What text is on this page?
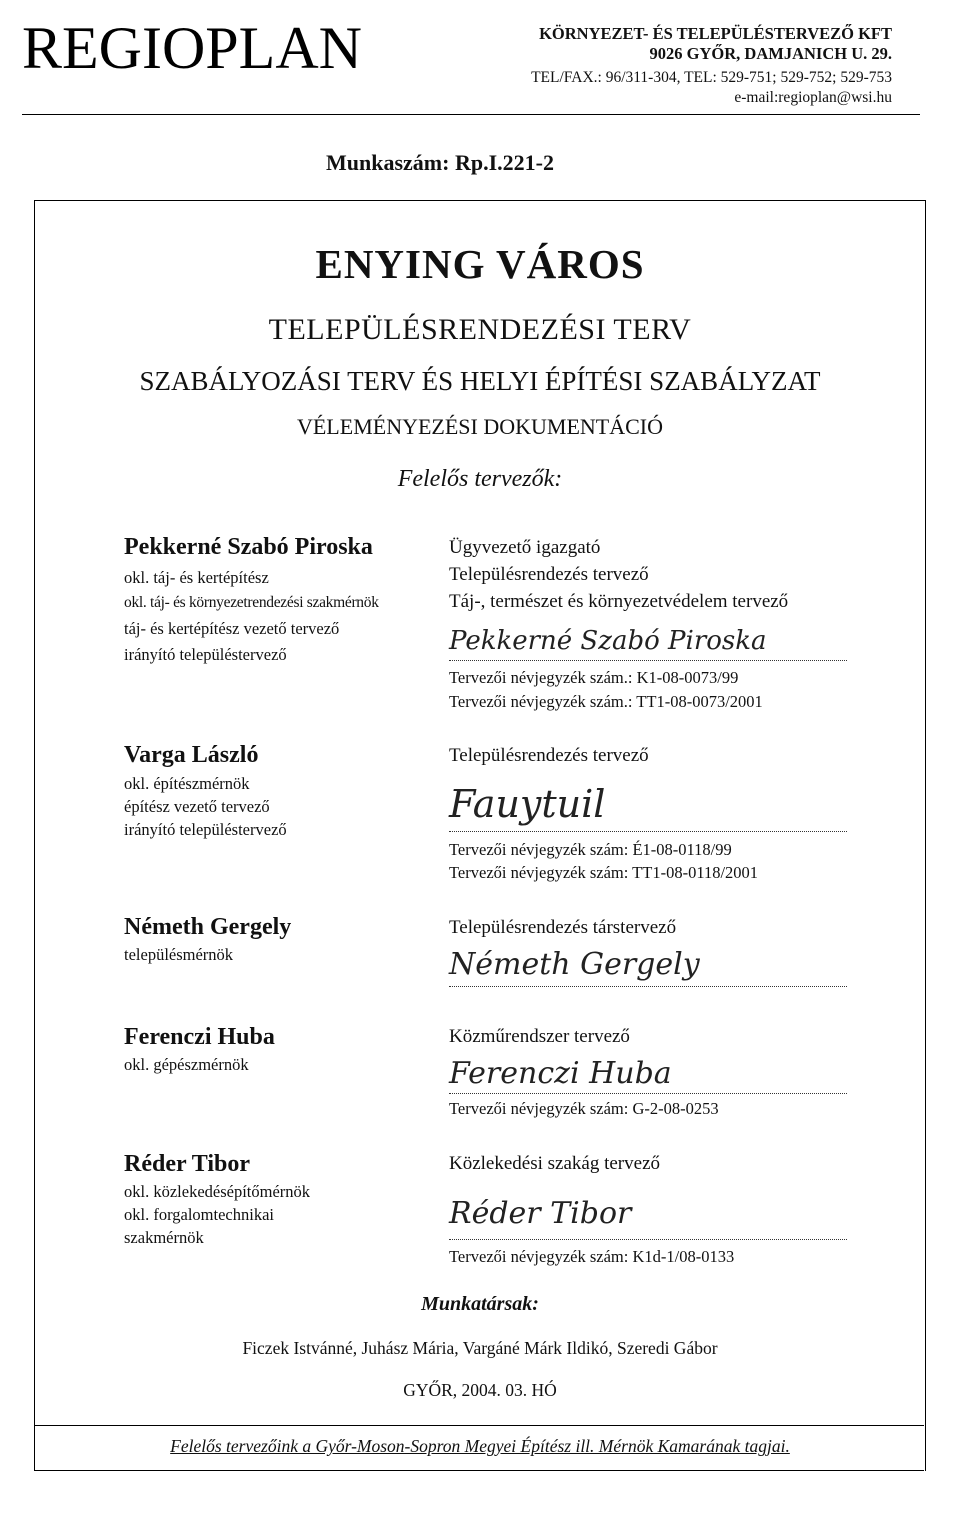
REGIOPLAN	KÖRNYEZET- ÉS TELEPÜLÉSTERVEZŐ KFT
9026 GYŐR, DAMJANICH U. 29.
TEL/FAX.: 96/311-304, TEL: 529-751; 529-752; 529-753
e-mail:regioplan@wsi.hu
Munkaszám: Rp.I.221-2
ENYING VÁROS
TELEPÜLÉSRENDEZÉSI TERV
SZABÁLYOZÁSI TERV ÉS HELYI ÉPÍTÉSI SZABÁLYZAT
VÉLEMÉNYEZÉSI DOKUMENTÁCIÓ
Felelős tervezők:
Pekkerné Szabó Piroska
okl. táj- és kertépítész
okl. táj- és környezetrendezési szakmérnök
táj- és kertépítész vezető tervező
irányító településtervező
Ügyvezető igazgató
Településrendezés tervező
Táj-, természet és környezetvédelem tervező
Pekkerné Szabó Piroska
Tervezői névjegyzék szám.: K1-08-0073/99
Tervezői névjegyzék szám.: TT1-08-0073/2001
Varga László
okl. építészmérnök
építész vezető tervező
irányító településtervező
Településrendezés tervező
Fauytuil
Tervezői névjegyzék szám: É1-08-0118/99
Tervezői névjegyzék szám: TT1-08-0118/2001
Németh Gergely
településmérnök
Településrendezés társtervező
Németh Gergely
Ferenczi Huba
okl. gépészmérnök
Közműrendszer tervező
Ferenczi Huba
Tervezői névjegyzék szám: G-2-08-0253
Réder Tibor
okl. közlekedésépítőmérnök
okl. forgalomtechnikai
szakmérnök
Közlekedési szakág tervező
Réder Tibor
Tervezői névjegyzék szám: K1d-1/08-0133
Munkatársak:
Ficzek Istvánné, Juhász Mária, Vargáné Márk Ildikó, Szeredi Gábor
GYŐR, 2004. 03. HÓ
Felelős tervezőink a Győr-Moson-Sopron Megyei Építész ill. Mérnök Kamarának tagjai.
